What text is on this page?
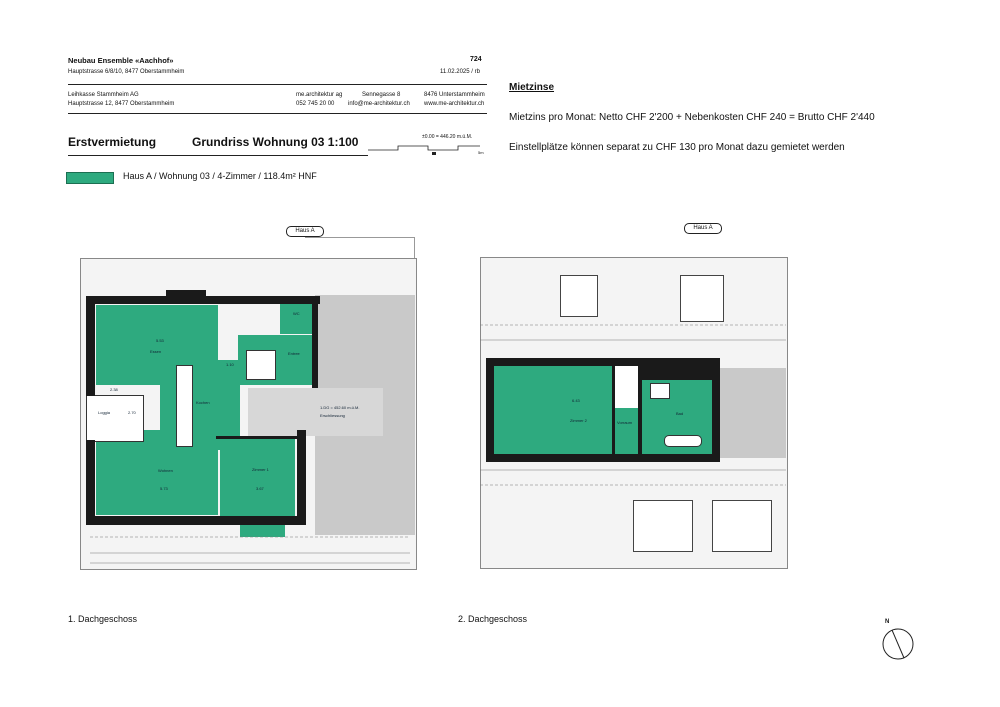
Neubau Ensemble «Aachhof»
Hauptstrasse 6/8/10, 8477 Oberstammheim
724
11.02.2025 / rb
Leihkasse Stammheim AG
Hauptstrasse 12, 8477 Oberstammheim
me.architektur ag
052 745 20 00
Sennegasse 8
info@me-architektur.ch
8476 Unterstammheim
www.me-architektur.ch
Erstvermietung	Grundriss Wohnung 03 1:100	±0.00 = 446.20 m.ü.M.
5m
Haus A / Wohnung 03 / 4-Zimmer / 118.4m² HNF
Mietzinse
Mietzins pro Monat: Netto CHF 2'200 + Nebenkosten CHF 240 = Brutto CHF 2'440
Einstellplätze können separat zu CHF 130 pro Monat dazu gemietet werden
Haus A
Essen
Kochen
Wohnen	Zimmer 1
Entree
Loggia
WC
Erschliessung
1.DG = 452.60 m.ü.M.
5.53
2.38
2.70
5.73	3.67
1.10
1. Dachgeschoss
Haus A
Zimmer 2	Vorraum
Bad
6.43
2. Dachgeschoss	N
